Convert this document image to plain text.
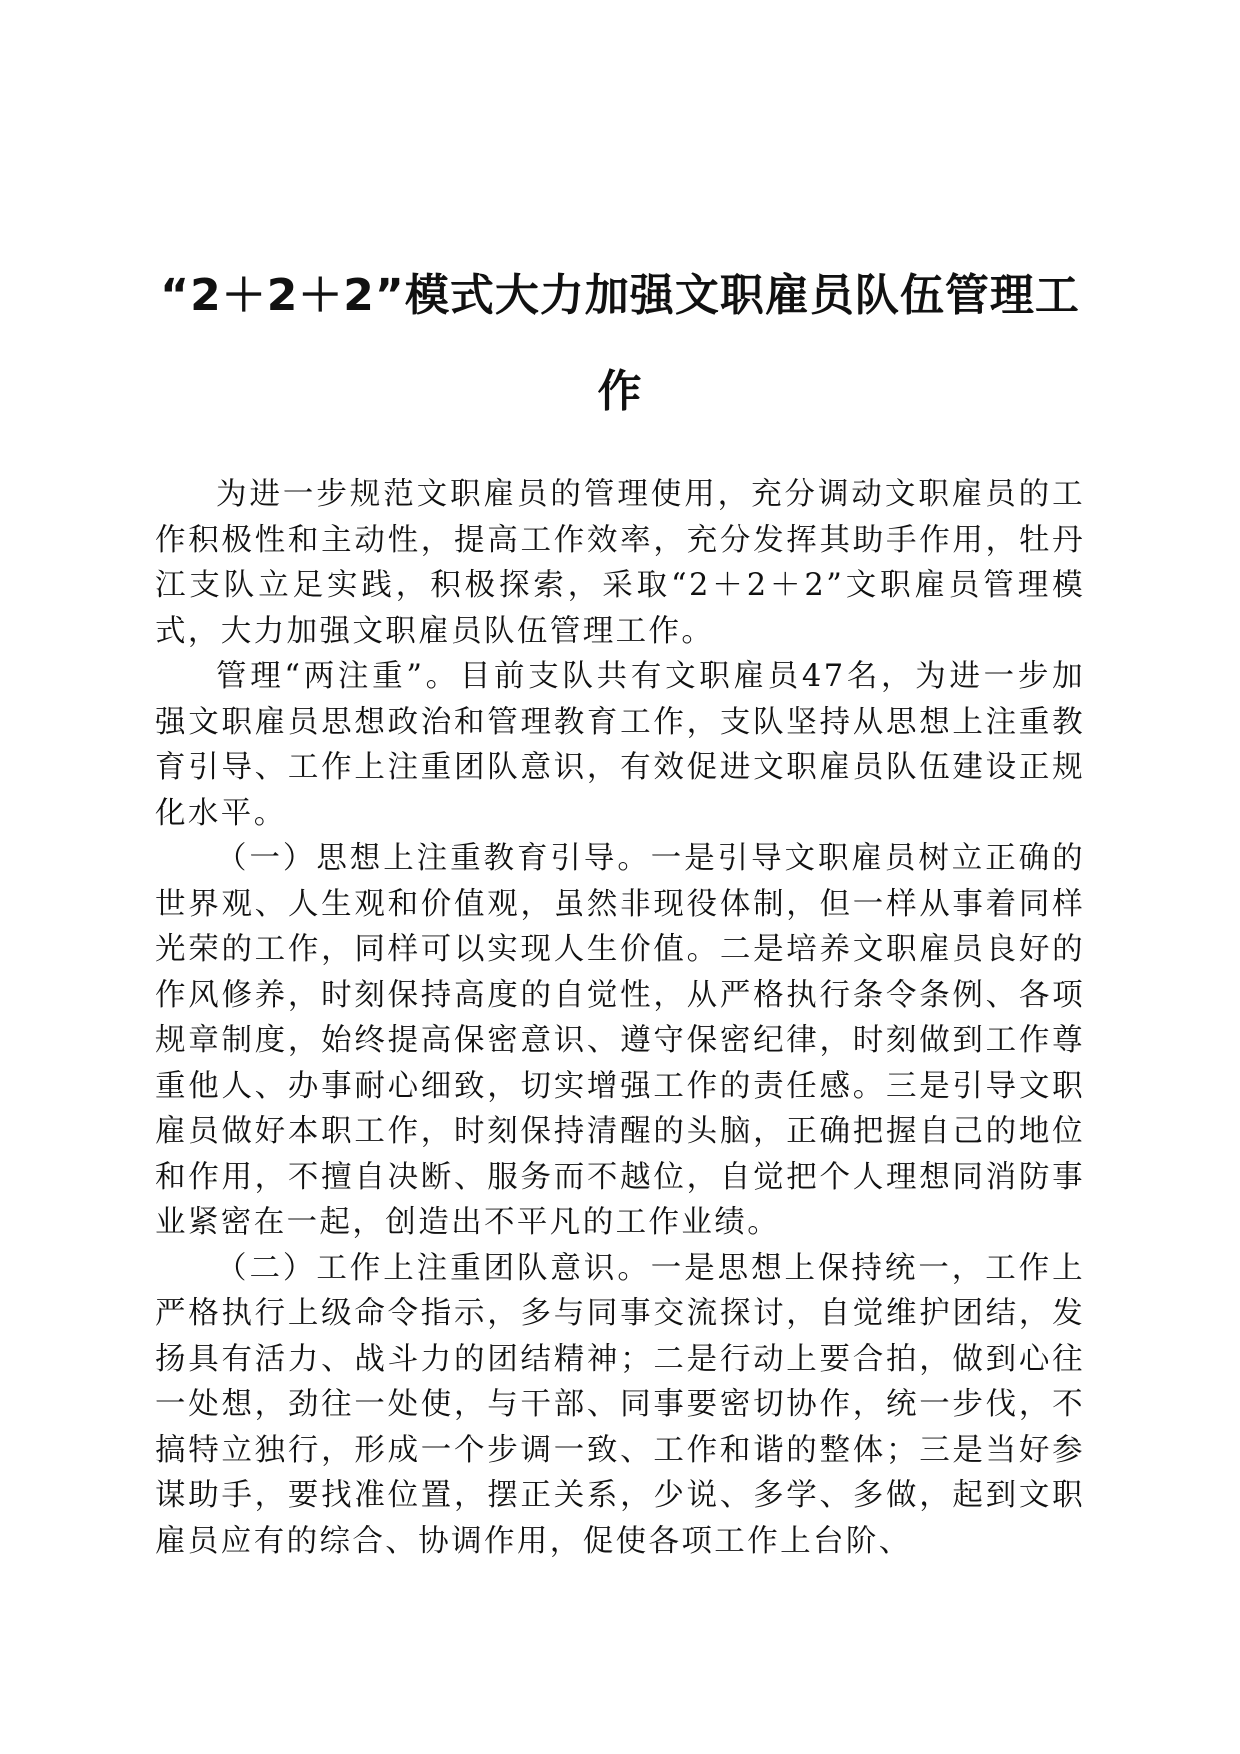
“2＋2＋2”模式大力加强文职雇员队伍管理工作

为进一步规范文职雇员的管理使用，充分调动文职雇员的工作积极性和主动性，提高工作效率，充分发挥其助手作用，牡丹江支队立足实践，积极探索，采取“2＋2＋2”文职雇员管理模式，大力加强文职雇员队伍管理工作。

管理“两注重”。目前支队共有文职雇员47名，为进一步加强文职雇员思想政治和管理教育工作，支队坚持从思想上注重教育引导、工作上注重团队意识，有效促进文职雇员队伍建设正规化水平。

（一）思想上注重教育引导。一是引导文职雇员树立正确的世界观、人生观和价值观，虽然非现役体制，但一样从事着同样光荣的工作，同样可以实现人生价值。二是培养文职雇员良好的作风修养，时刻保持高度的自觉性，从严格执行条令条例、各项规章制度，始终提高保密意识、遵守保密纪律，时刻做到工作尊重他人、办事耐心细致，切实增强工作的责任感。三是引导文职雇员做好本职工作，时刻保持清醒的头脑，正确把握自己的地位和作用，不擅自决断、服务而不越位，自觉把个人理想同消防事业紧密在一起，创造出不平凡的工作业绩。

（二）工作上注重团队意识。一是思想上保持统一，工作上严格执行上级命令指示，多与同事交流探讨，自觉维护团结，发扬具有活力、战斗力的团结精神；二是行动上要合拍，做到心往一处想，劲往一处使，与干部、同事要密切协作，统一步伐，不搞特立独行，形成一个步调一致、工作和谐的整体；三是当好参谋助手，要找准位置，摆正关系，少说、多学、多做，起到文职雇员应有的综合、协调作用，促使各项工作上台阶、
